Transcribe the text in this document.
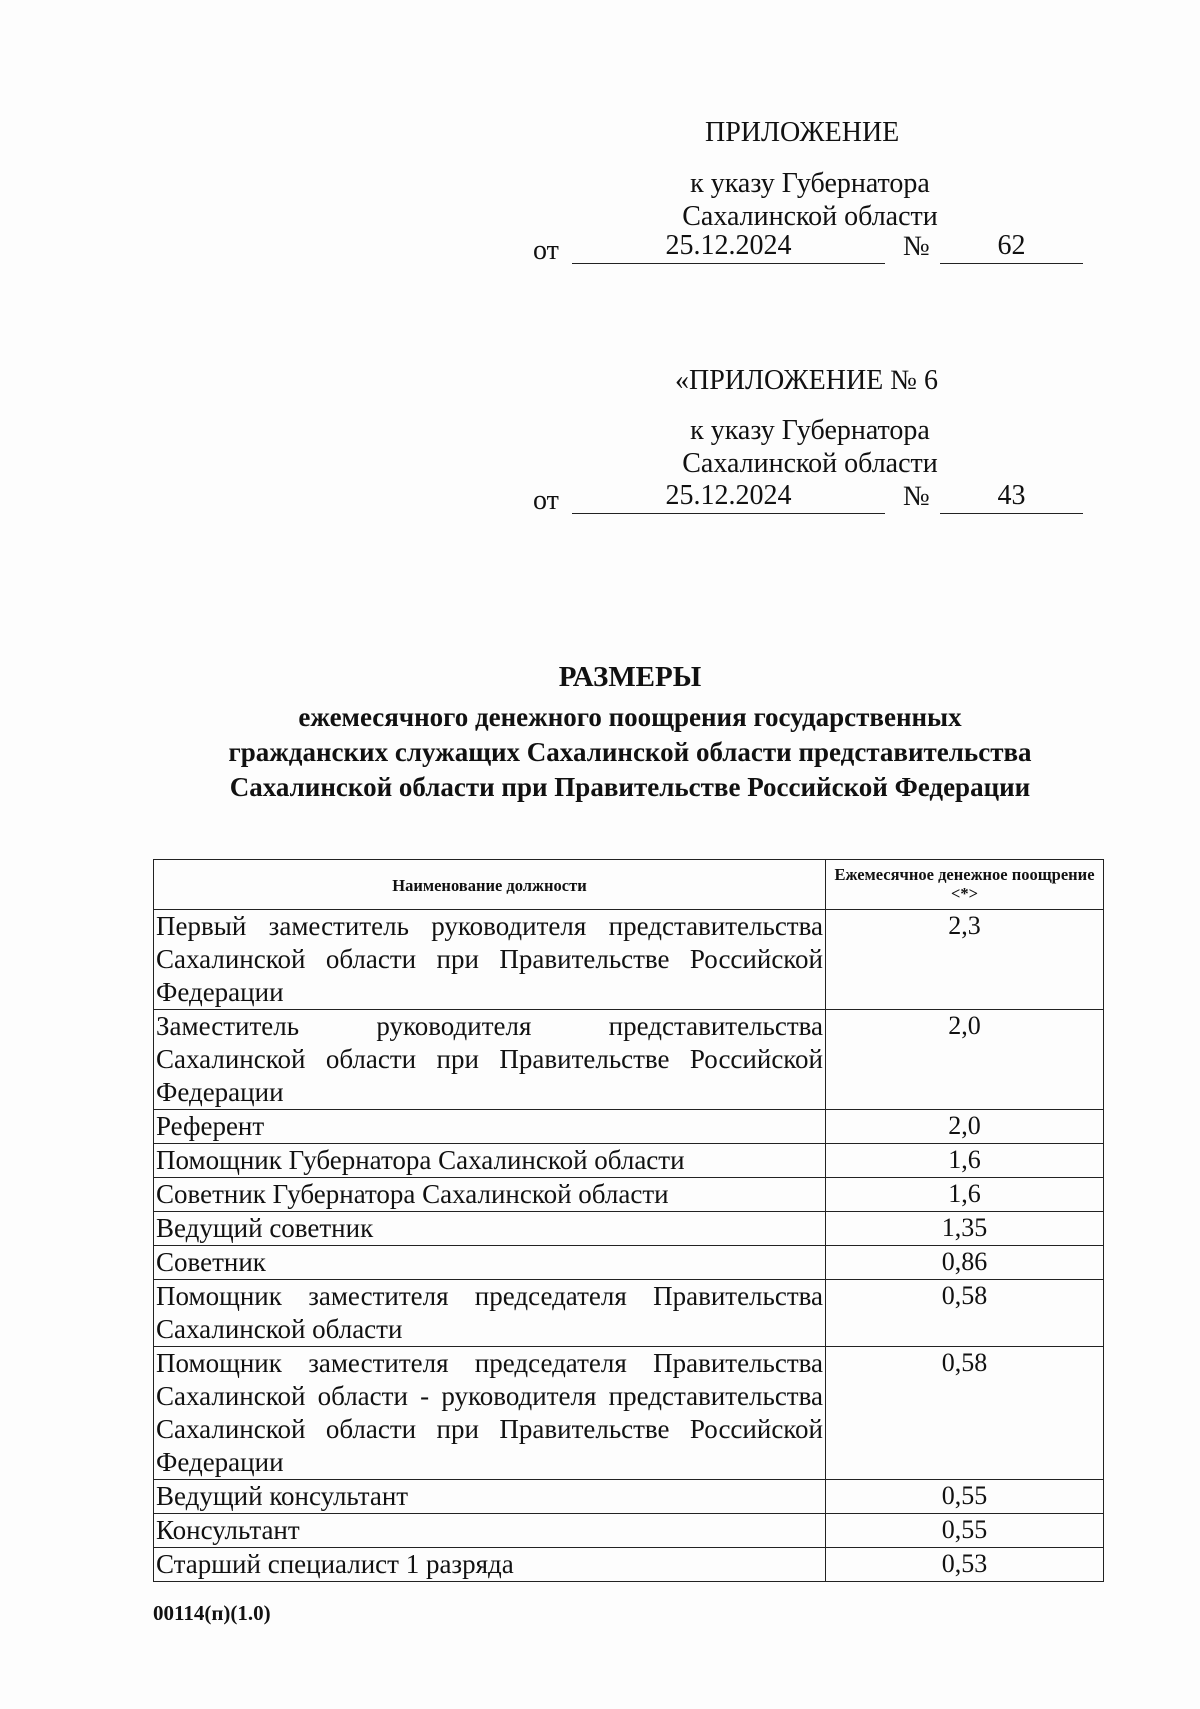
ПРИЛОЖЕНИЕ
к указу Губернатора
Сахалинской области
от	25.12.2024	№	62
«ПРИЛОЖЕНИЕ № 6
к указу Губернатора
Сахалинской области
от	25.12.2024	№	43
РАЗМЕРЫ
ежемесячного денежного поощрения государственных
гражданских служащих Сахалинской области представительства
Сахалинской области при Правительстве Российской Федерации
Наименование должности	Ежемесячное денежное поощрение <*>
Первый заместитель руководителя представительства Сахалинской области при Правительстве Российской Федерации	2,3
Заместитель руководителя представительства Сахалинской области при Правительстве Российской Федерации	2,0
Референт	2,0
Помощник Губернатора Сахалинской области	1,6
Советник Губернатора Сахалинской области	1,6
Ведущий советник	1,35
Советник	0,86
Помощник заместителя председателя Правительства Сахалинской области	0,58
Помощник заместителя председателя Правительства Сахалинской области - руководителя представительства Сахалинской области при Правительстве Российской Федерации	0,58
Ведущий консультант	0,55
Консультант	0,55
Старший специалист 1 разряда	0,53
00114(п)(1.0)
